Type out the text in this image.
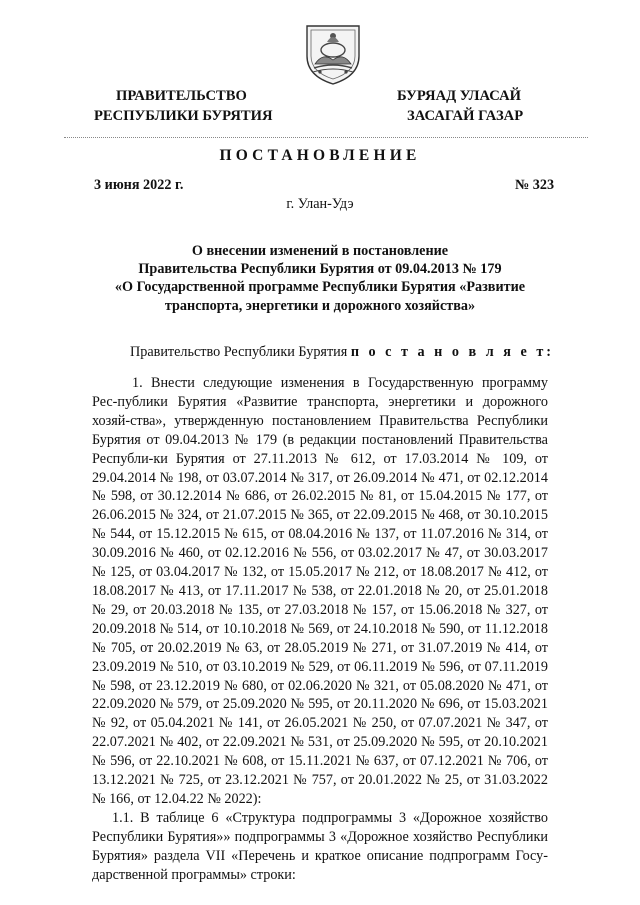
ПРАВИТЕЛЬСТВО
РЕСПУБЛИКИ БУРЯТИЯ
БУРЯАД УЛАСАЙ
ЗАСАГАЙ ГАЗАР
ПОСТАНОВЛЕНИЕ
3 июня 2022 г.	№ 323
г. Улан-Удэ
О внесении изменений в постановление
Правительства Республики Бурятия от 09.04.2013 № 179
«О Государственной программе Республики Бурятия «Развитие
транспорта, энергетики и дорожного хозяйства»
Правительство Республики Бурятия п о с т а н о в л я е т:

1. Внести следующие изменения в Государственную программу Рес-публики Бурятия «Развитие транспорта, энергетики и дорожного хозяй-ства», утвержденную постановлением Правительства Республики Бурятия от 09.04.2013 № 179 (в редакции постановлений Правительства Республи-ки Бурятия от 27.11.2013 № 612, от 17.03.2014 № 109, от 29.04.2014 № 198, от 03.07.2014 № 317, от 26.09.2014 № 471, от 02.12.2014 № 598, от 30.12.2014 № 686, от 26.02.2015 № 81, от 15.04.2015 № 177, от 26.06.2015 № 324, от 21.07.2015 № 365, от 22.09.2015 № 468, от 30.10.2015 № 544, от 15.12.2015 № 615, от 08.04.2016 № 137, от 11.07.2016 № 314, от 30.09.2016 № 460, от 02.12.2016 № 556, от 03.02.2017 № 47, от 30.03.2017 № 125, от 03.04.2017 № 132, от 15.05.2017 № 212, от 18.08.2017 № 412, от 18.08.2017 № 413, от 17.11.2017 № 538, от 22.01.2018 № 20, от 25.01.2018 № 29, от 20.03.2018 № 135, от 27.03.2018 № 157, от 15.06.2018 № 327, от 20.09.2018 № 514, от 10.10.2018 № 569, от 24.10.2018 № 590, от 11.12.2018 № 705, от 20.02.2019 № 63, от 28.05.2019 № 271, от 31.07.2019 № 414, от 23.09.2019 № 510, от 03.10.2019 № 529, от 06.11.2019 № 596, от 07.11.2019 № 598, от 23.12.2019 № 680, от 02.06.2020 № 321, от 05.08.2020 № 471, от 22.09.2020 № 579, от 25.09.2020 № 595, от 20.11.2020 № 696, от 15.03.2021 № 92, от 05.04.2021 № 141, от 26.05.2021 № 250, от 07.07.2021 № 347, от 22.07.2021 № 402, от 22.09.2021 № 531, от 25.09.2020 № 595, от 20.10.2021 № 596, от 22.10.2021 № 608, от 15.11.2021 № 637, от 07.12.2021 № 706, от 13.12.2021 № 725, от 23.12.2021 № 757, от 20.01.2022 № 25, от 31.03.2022 № 166, от 12.04.22 № 2022):

1.1. В таблице 6 «Структура подпрограммы 3 «Дорожное хозяйство Республики Бурятия»» подпрограммы 3 «Дорожное хозяйство Республики Бурятия» раздела VII «Перечень и краткое описание подпрограмм Госу-дарственной программы» строки:
